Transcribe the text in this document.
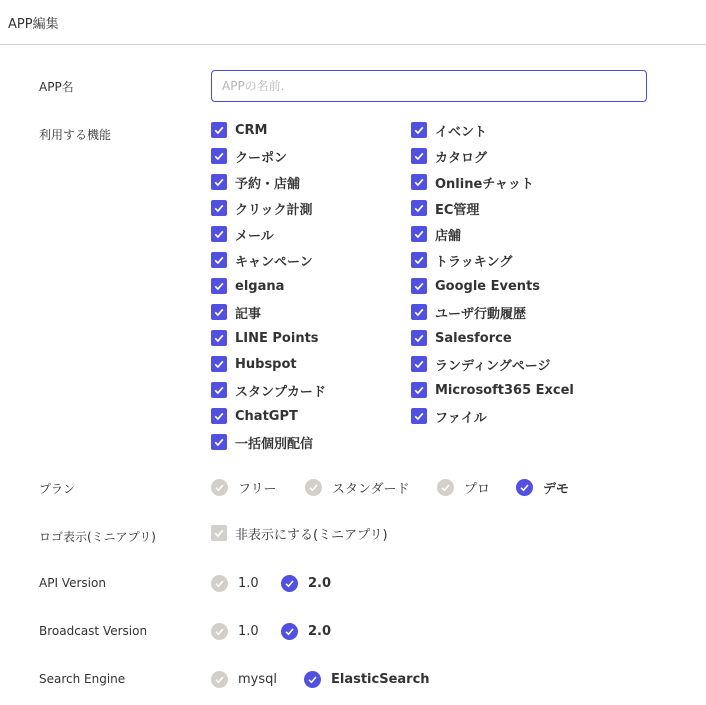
APP編集
APP名
APPの名前.
利用する機能	CRM	イベント
クーポン	カタログ
予約・店舗	Onlineチャット
クリック計測	EC管理
メール	店舗
キャンペーン	トラッキング
elgana	Google Events
記事	ユーザ行動履歴
LINE Points	Salesforce
Hubspot	ランディングページ
スタンプカード	Microsoft365 Excel
ChatGPT	ファイル
一括個別配信
プラン	フリー	スタンダード	プロ	デモ
ロゴ表示(ミニアプリ)	非表示にする(ミニアプリ)
API Version	1.0	2.0
Broadcast Version	1.0	2.0
Search Engine	mysql	ElasticSearch
